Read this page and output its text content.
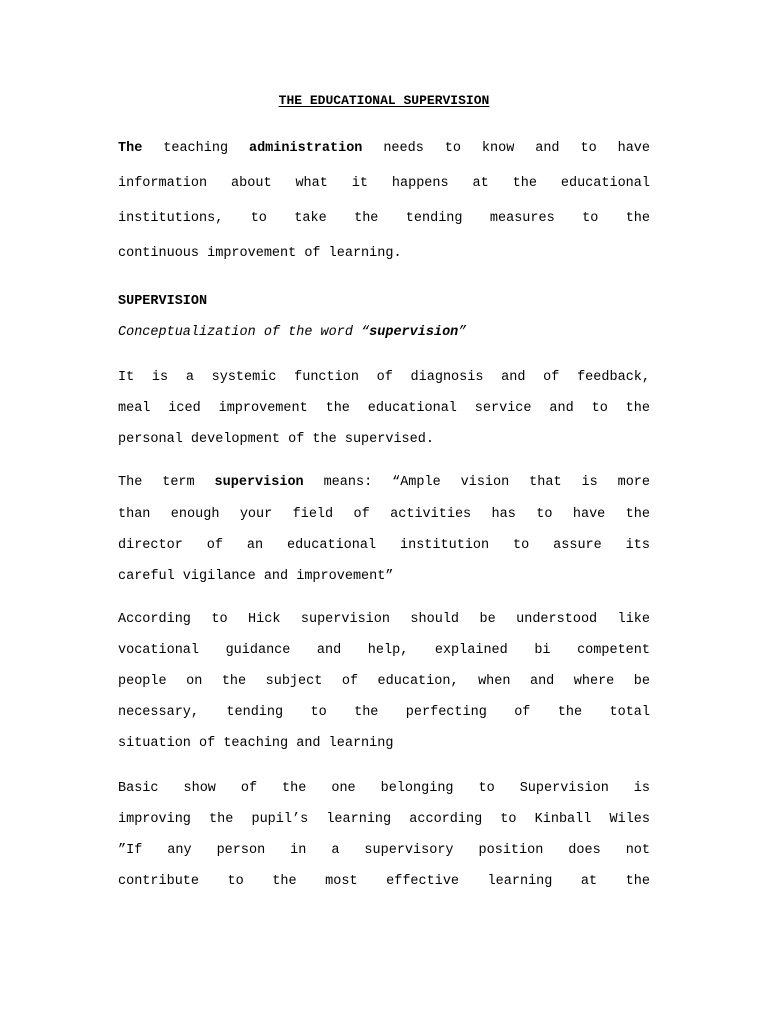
THE EDUCATIONAL SUPERVISION
The teaching administration needs to know and to have
information about what it happens at the educational
institutions, to take the tending measures to the
continuous improvement of learning.
SUPERVISION
Conceptualization of the word “supervision”
It is a systemic function of diagnosis and of feedback,
meal iced improvement the educational service and to the
personal development of the supervised.
The term supervision means: “Ample vision that is more
than enough your field of activities has to have the
director of an educational institution to assure its
careful vigilance and improvement”
According to Hick supervision should be understood like
vocational guidance and help, explained bi competent
people on the subject of education, when and where be
necessary, tending to the perfecting of the total
situation of teaching and learning
Basic show of the one belonging to Supervision is
improving the pupil’s learning according to Kinball Wiles
”If any person in a supervisory position does not
contribute to the most effective learning at the
